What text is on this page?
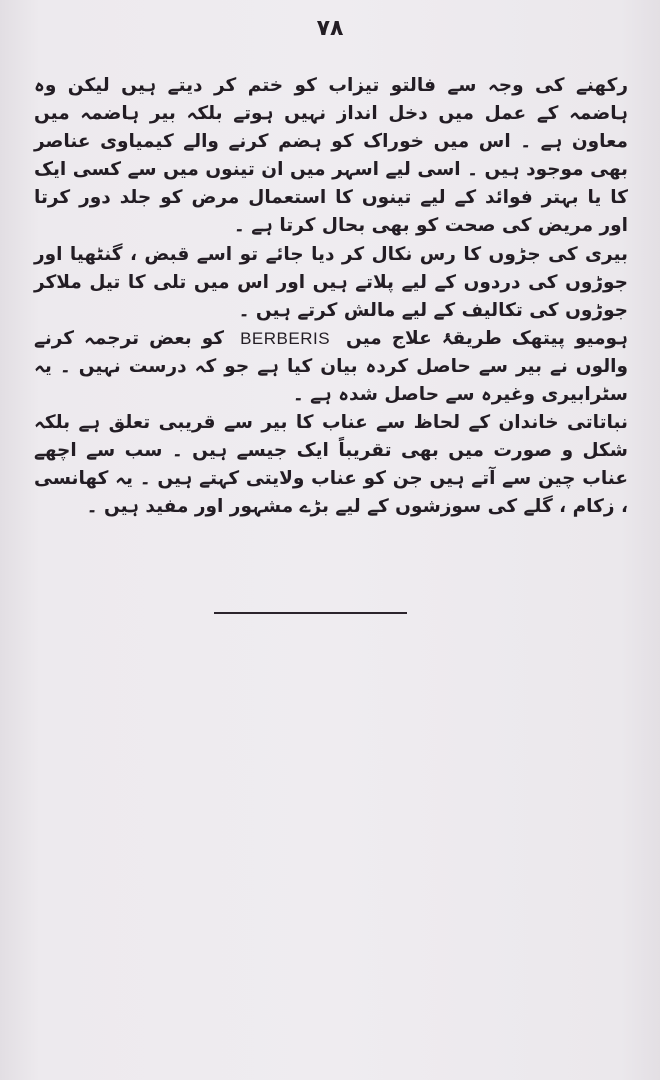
۷۸

رکھنے کی وجہ سے فالتو تیزاب کو ختم کر دیتے ہیں لیکن وہ ہاضمہ کے عمل میں دخل انداز نہیں ہوتے بلکہ بیر ہاضمہ میں معاون ہے ۔ اس میں خوراک کو ہضم کرنے والے کیمیاوی عناصر بھی موجود ہیں ۔ اسی لیے اسہر میں ان تینوں میں سے کسی ایک کا یا بہتر فوائد کے لیے تینوں کا استعمال مرض کو جلد دور کرتا اور مریض کی صحت کو بھی بحال کرتا ہے ۔

بیری کی جڑوں کا رس نکال کر دیا جائے تو اسے قبض ، گنٹھیا اور جوڑوں کی دردوں کے لیے پلاتے ہیں اور اس میں تلی کا تیل ملاکر جوڑوں کی تکالیف کے لیے مالش کرتے ہیں ۔

ہومیو پیتھک طریقۂ علاج میں BERBERIS کو بعض ترجمہ کرنے والوں نے بیر سے حاصل کردہ بیان کیا ہے جو کہ درست نہیں ۔ یہ سٹرابیری وغیرہ سے حاصل شدہ ہے ۔

نباتاتی خاندان کے لحاظ سے عناب کا بیر سے قریبی تعلق ہے بلکہ شکل و صورت میں بھی تقریباً ایک جیسے ہیں ۔ سب سے اچھے عناب چین سے آتے ہیں جن کو عناب ولایتی کہتے ہیں ۔ یہ کھانسی ، زکام ، گلے کی سوزشوں کے لیے بڑے مشہور اور مفید ہیں ۔
